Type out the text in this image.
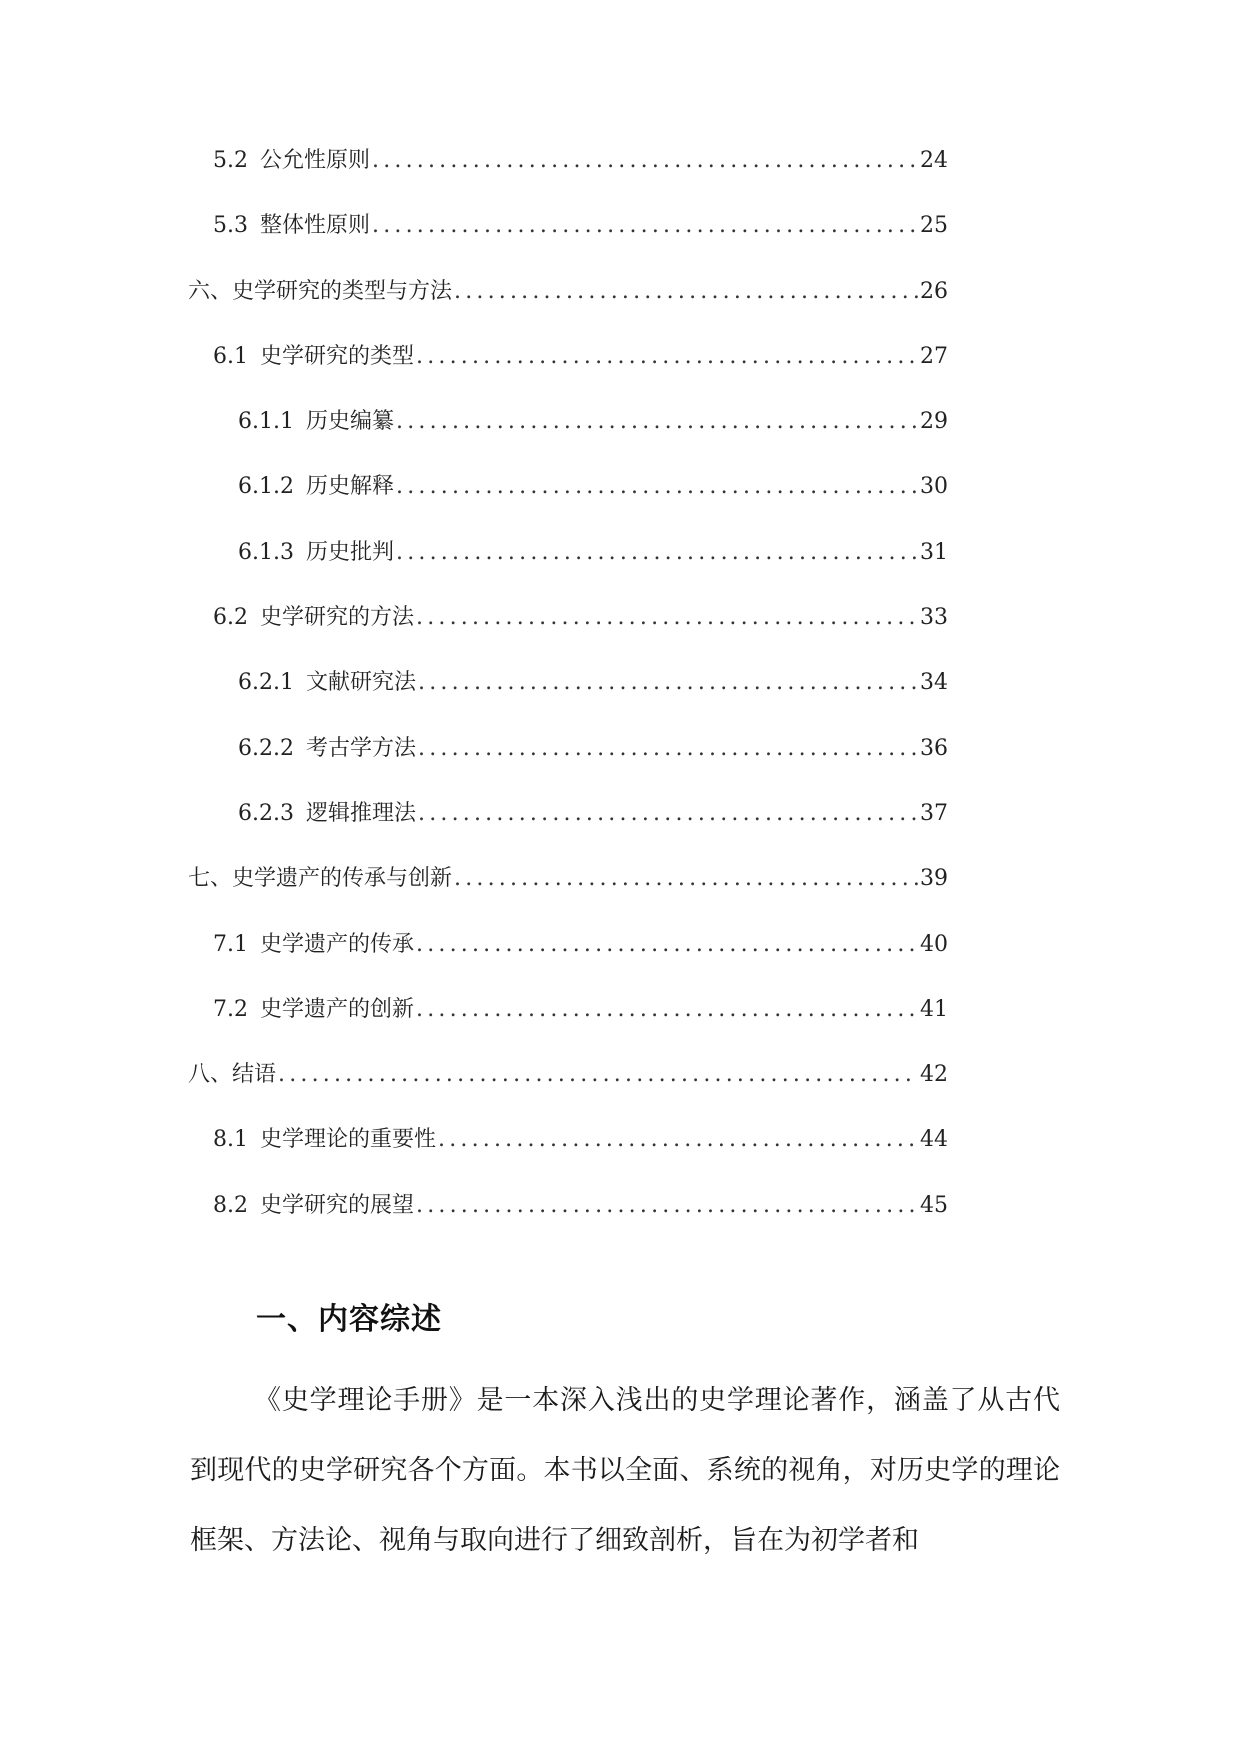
5.2 公允性原则 .....	24
5.3 整体性原则 .....	25
六、史学研究的类型与方法 .....	26
6.1 史学研究的类型 .....	27
6.1.1 历史编纂 .....	29
6.1.2 历史解释 .....	30
6.1.3 历史批判 .....	31
6.2 史学研究的方法 .....	33
6.2.1 文献研究法 .....	34
6.2.2 考古学方法 .....	36
6.2.3 逻辑推理法 .....	37
七、史学遗产的传承与创新 .....	39
7.1 史学遗产的传承 .....	40
7.2 史学遗产的创新 .....	41
八、结语 .....	42
8.1 史学理论的重要性 .....	44
8.2 史学研究的展望 .....	45
一、内容综述

《史学理论手册》是一本深入浅出的史学理论著作，涵盖了从古代到现代的史学研究各个方面。本书以全面、系统的视角，对历史学的理论框架、方法论、视角与取向进行了细致剖析，旨在为初学者和
